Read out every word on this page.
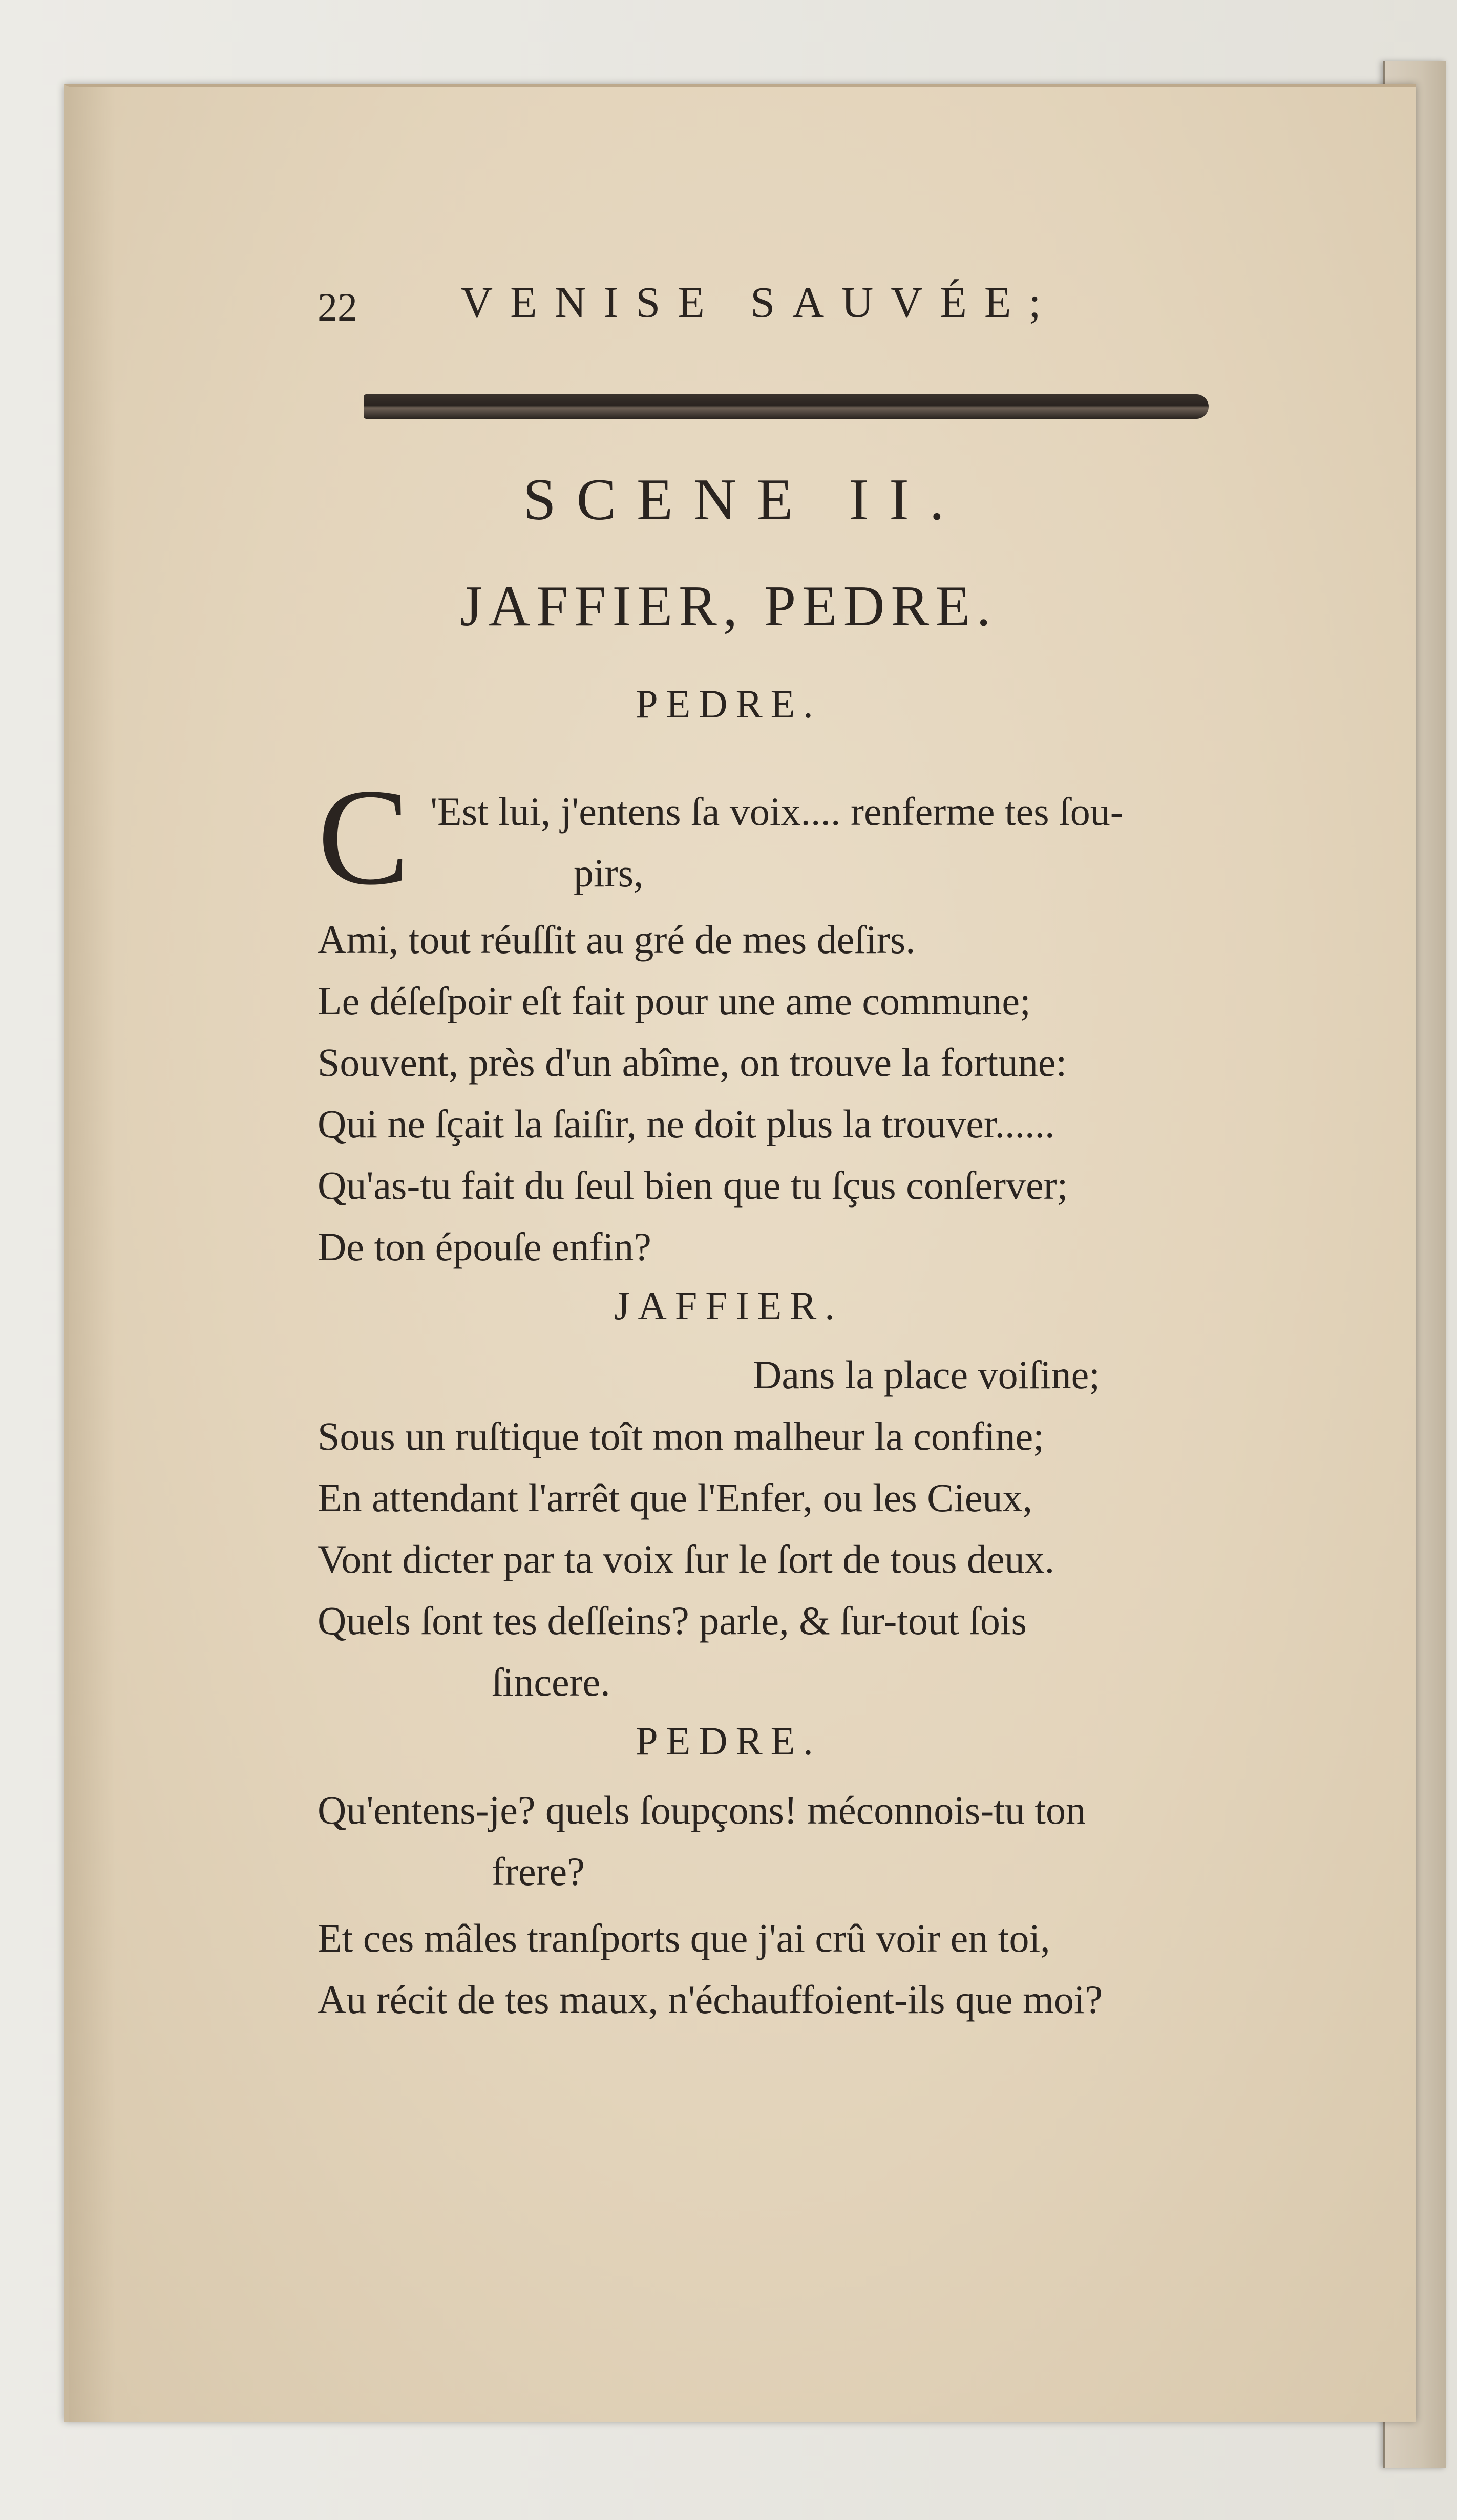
22 VENISE SAUVÉE;
SCENE II.
JAFFIER, PEDRE.
PEDRE.
C 'Est lui, j'entens ſa voix.... renferme tes ſou-
pirs,
Ami, tout réuſſit au gré de mes deſirs.
Le déſeſpoir eſt fait pour une ame commune;
Souvent, près d'un abîme, on trouve la fortune:
Qui ne ſçait la ſaiſir, ne doit plus la trouver......
Qu'as-tu fait du ſeul bien que tu ſçus conſerver;
De ton épouſe enfin?
JAFFIER.
Dans la place voiſine;
Sous un ruſtique toît mon malheur la confine;
En attendant l'arrêt que l'Enfer, ou les Cieux,
Vont dicter par ta voix ſur le ſort de tous deux.
Quels ſont tes deſſeins? parle, & ſur-tout ſois
ſincere.
PEDRE.
Qu'entens-je? quels ſoupçons! méconnois-tu ton
frere?
Et ces mâles tranſports que j'ai crû voir en toi,
Au récit de tes maux, n'échauffoient-ils que moi?
